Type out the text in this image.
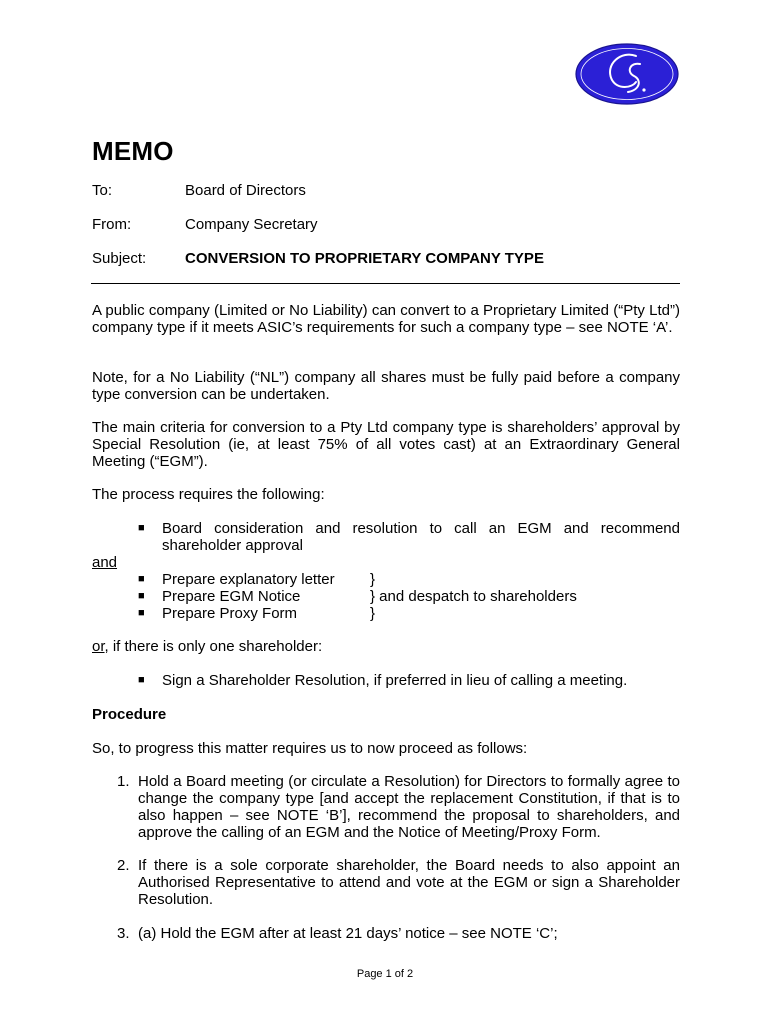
MEMO
To:	Board of Directors
From:	Company Secretary
Subject:	CONVERSION TO PROPRIETARY COMPANY TYPE
A public company (Limited or No Liability) can convert to a Proprietary Limited (“Pty Ltd”) company type if it meets ASIC’s requirements for such a company type – see NOTE ‘A’.
Note, for a No Liability (“NL”) company all shares must be fully paid before a company type conversion can be undertaken.
The main criteria for conversion to a Pty Ltd company type is shareholders’ approval by Special Resolution (ie, at least 75% of all votes cast) at an Extraordinary General Meeting (“EGM”).
The process requires the following:
■ Board consideration and resolution to call an EGM and recommend shareholder approval
and
■ Prepare explanatory letter }
■ Prepare EGM Notice	} and despatch to shareholders
■ Prepare Proxy Form	}
or, if there is only one shareholder:
■ Sign a Shareholder Resolution, if preferred in lieu of calling a meeting.
Procedure
So, to progress this matter requires us to now proceed as follows:
1. Hold a Board meeting (or circulate a Resolution) for Directors to formally agree to change the company type [and accept the replacement Constitution, if that is to also happen – see NOTE ‘B’], recommend the proposal to shareholders, and approve the calling of an EGM and the Notice of Meeting/Proxy Form.
2. If there is a sole corporate shareholder, the Board needs to also appoint an Authorised Representative to attend and vote at the EGM or sign a Shareholder Resolution.
3. (a) Hold the EGM after at least 21 days’ notice – see NOTE ‘C’;
Page 1 of 2
